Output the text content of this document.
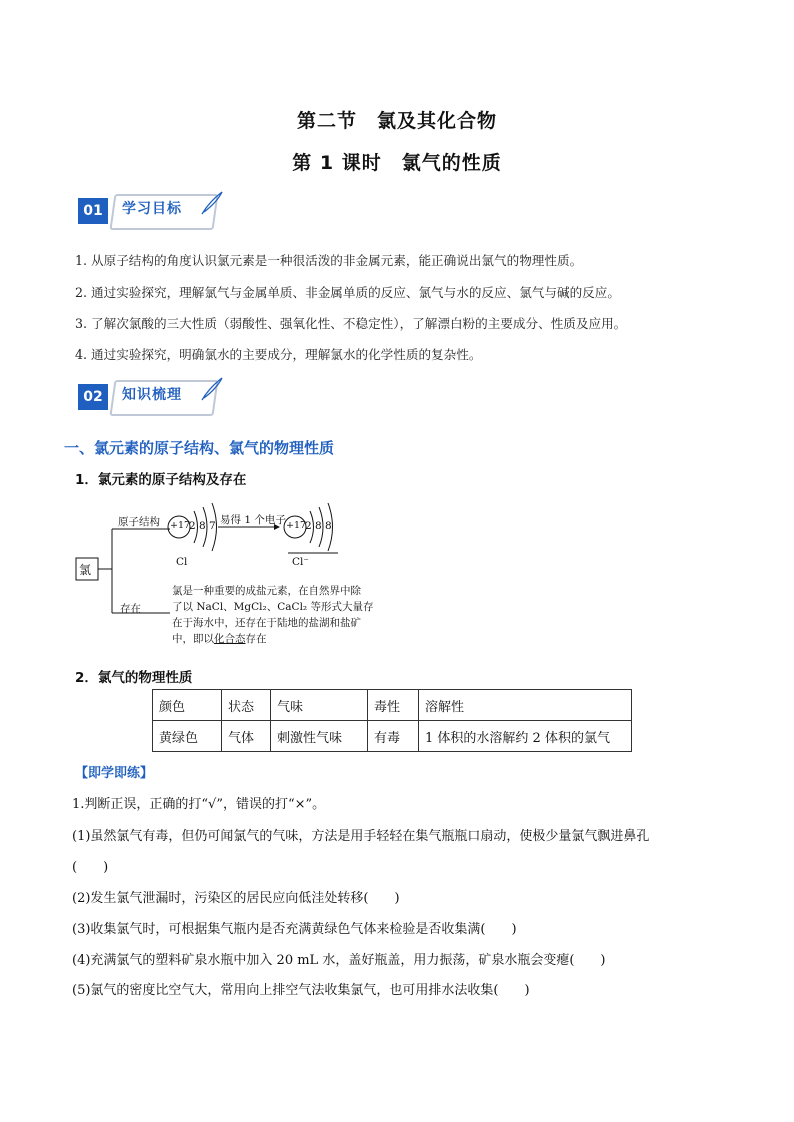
第二节　氯及其化合物
第 1 课时　氯气的性质
01	学习目标
1. 从原子结构的角度认识氯元素是一种很活泼的非金属元素，能正确说出氯气的物理性质。
2. 通过实验探究，理解氯气与金属单质、非金属单质的反应、氯气与水的反应、氯气与碱的反应。
3. 了解次氯酸的三大性质（弱酸性、强氧化性、不稳定性），了解漂白粉的主要成分、性质及应用。
4. 通过实验探究，明确氯水的主要成分，理解氯水的化学性质的复杂性。
02	知识梳理
一、氯元素的原子结构、氯气的物理性质
1．氯元素的原子结构及存在
氯
原子结构 +17
2 8 7
Cl
易得 1 个电子 +17
2 8 8
Cl⁻
存在
氯是一种重要的成盐元素，在自然界中除
了以 NaCl、MgCl₂、CaCl₂ 等形式大量存
在于海水中，还存在于陆地的盐湖和盐矿
中，即以化合态存在
2．氯气的物理性质
颜色	状态	气味	毒性	溶解性
黄绿色	气体	刺激性气味	有毒	1 体积的水溶解约 2 体积的氯气
【即学即练】
1.判断正误，正确的打“√”，错误的打“×”。
(1)虽然氯气有毒，但仍可闻氯气的气味，方法是用手轻轻在集气瓶瓶口扇动，使极少量氯气飘进鼻孔
(　　)
(2)发生氯气泄漏时，污染区的居民应向低洼处转移(　　)
(3)收集氯气时，可根据集气瓶内是否充满黄绿色气体来检验是否收集满(　　)
(4)充满氯气的塑料矿泉水瓶中加入 20 mL 水，盖好瓶盖，用力振荡，矿泉水瓶会变瘪(　　)
(5)氯气的密度比空气大，常用向上排空气法收集氯气，也可用排水法收集(　　)
